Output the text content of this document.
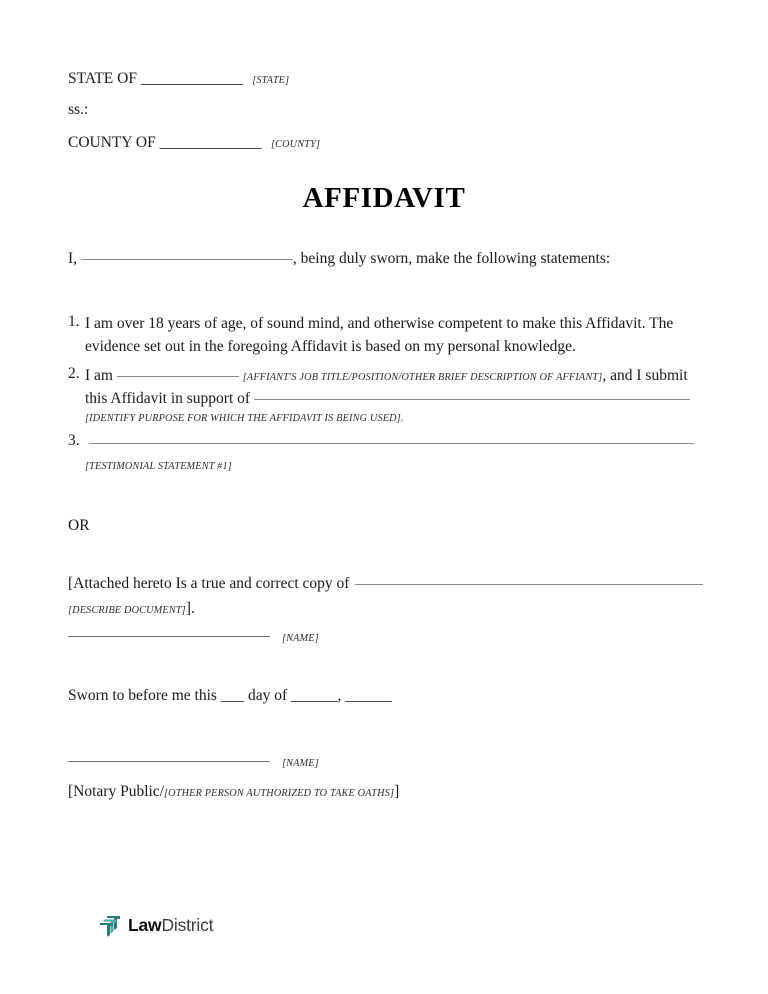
STATE OF ______________ [STATE]
ss.:
COUNTY OF ______________ [COUNTY]
AFFIDAVIT
I,	, being duly sworn, make the following statements:
1. I am over 18 years of age, of sound mind, and otherwise competent to make this Affidavit. The evidence set out in the foregoing Affidavit is based on my personal knowledge.
2. I am	[AFFIANT'S JOB TITLE/POSITION/OTHER BRIEF DESCRIPTION OF AFFIANT], and I submit
this Affidavit in support of
[IDENTIFY PURPOSE FOR WHICH THE AFFIDAVIT IS BEING USED].
3.
[TESTIMONIAL STATEMENT #1]
OR
[Attached hereto Is a true and correct copy of
[DESCRIBE DOCUMENT]].
[NAME]
Sworn to before me this ___ day of ______, ______
[NAME]
[Notary Public/[OTHER PERSON AUTHORIZED TO TAKE OATHS]]
LawDistrict
